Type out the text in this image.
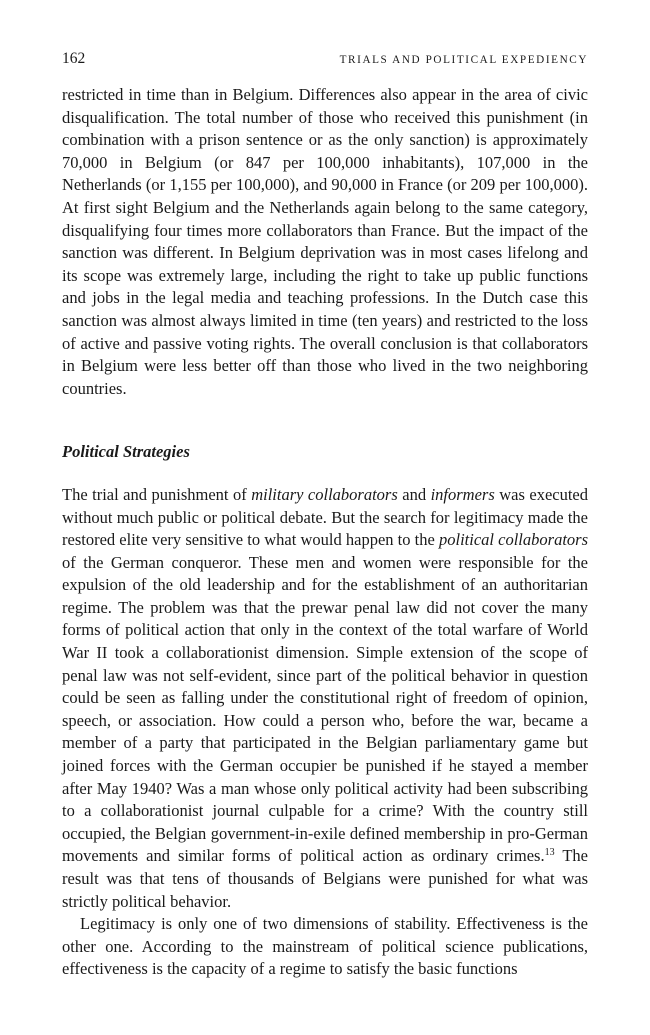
162	TRIALS AND POLITICAL EXPEDIENCY

restricted in time than in Belgium. Differences also appear in the area of civic disqualification. The total number of those who received this punishment (in combination with a prison sentence or as the only sanction) is approximately 70,000 in Belgium (or 847 per 100,000 inhabitants), 107,000 in the Netherlands (or 1,155 per 100,000), and 90,000 in France (or 209 per 100,000). At first sight Belgium and the Netherlands again belong to the same category, disqualifying four times more collaborators than France. But the impact of the sanction was different. In Belgium deprivation was in most cases lifelong and its scope was extremely large, including the right to take up public functions and jobs in the legal media and teaching professions. In the Dutch case this sanction was almost always limited in time (ten years) and restricted to the loss of active and passive voting rights. The overall conclusion is that collaborators in Belgium were less better off than those who lived in the two neighboring countries.

Political Strategies

The trial and punishment of military collaborators and informers was executed without much public or political debate. But the search for legitimacy made the restored elite very sensitive to what would happen to the political collaborators of the German conqueror. These men and women were responsible for the expulsion of the old leadership and for the establishment of an authoritarian regime. The problem was that the prewar penal law did not cover the many forms of political action that only in the context of the total warfare of World War II took a collaborationist dimension. Simple extension of the scope of penal law was not self-evident, since part of the political behavior in question could be seen as falling under the constitutional right of freedom of opinion, speech, or association. How could a person who, before the war, became a member of a party that participated in the Belgian parliamentary game but joined forces with the German occupier be punished if he stayed a member after May 1940? Was a man whose only political activity had been subscribing to a collaborationist journal culpable for a crime? With the country still occupied, the Belgian government-in-exile defined membership in pro-German movements and similar forms of political action as ordinary crimes.$^{13}$ The result was that tens of thousands of Belgians were punished for what was strictly political behavior.

Legitimacy is only one of two dimensions of stability. Effectiveness is the other one. According to the mainstream of political science publications, effectiveness is the capacity of a regime to satisfy the basic functions
